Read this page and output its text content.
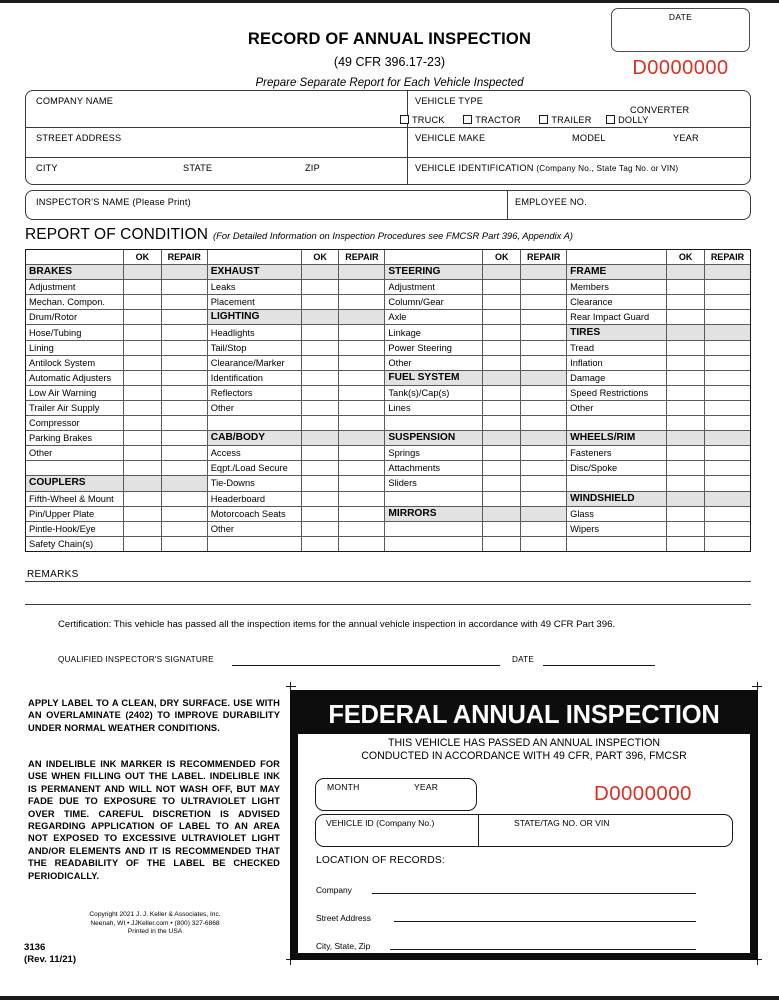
RECORD OF ANNUAL INSPECTION
(49 CFR 396.17-23)
Prepare Separate Report for Each Vehicle Inspected
DATE
D0000000
COMPANY NAME
STREET ADDRESS
CITY	STATE	ZIP
VEHICLE TYPE
TRUCK	TRACTOR	TRAILER	DOLLY
CONVERTER
VEHICLE MAKE	MODEL	YEAR
VEHICLE IDENTIFICATION (Company No., State Tag No. or VIN)
INSPECTOR'S NAME (Please Print)	EMPLOYEE NO.
REPORT OF CONDITION (For Detailed Information on Inspection Procedures see FMCSR Part 396, Appendix A)
	OK	REPAIR		OK	REPAIR		OK	REPAIR		OK	REPAIR
BRAKES			EXHAUST			STEERING			FRAME		
Adjustment			Leaks			Adjustment			Members		
Mechan. Compon.			Placement			Column/Gear			Clearance		
Drum/Rotor			LIGHTING			Axle			Rear Impact Guard		
Hose/Tubing			Headlights			Linkage			TIRES		
Lining			Tail/Stop			Power Steering			Tread		
Antilock System			Clearance/Marker			Other			Inflation		
Automatic Adjusters			Identification			FUEL SYSTEM			Damage		
Low Air Warning			Reflectors			Tank(s)/Cap(s)			Speed Restrictions		
Trailer Air Supply			Other			Lines			Other		
Compressor											
Parking Brakes			CAB/BODY			SUSPENSION			WHEELS/RIM		
Other			Access			Springs			Fasteners		
			Eqpt./Load Secure			Attachments			Disc/Spoke		
COUPLERS			Tie-Downs			Sliders					
Fifth-Wheel & Mount			Headerboard						WINDSHIELD		
Pin/Upper Plate			Motorcoach Seats			MIRRORS			Glass		
Pintle-Hook/Eye			Other						Wipers		
Safety Chain(s)											
REMARKS
Certification: This vehicle has passed all the inspection items for the annual vehicle inspection in accordance with 49 CFR Part 396.
QUALIFIED INSPECTOR'S SIGNATURE	DATE
APPLY LABEL TO A CLEAN, DRY SURFACE. USE WITH AN OVERLAMINATE (2402) TO IMPROVE DURABILITY UNDER NORMAL WEATHER CONDITIONS.
AN INDELIBLE INK MARKER IS RECOMMENDED FOR USE WHEN FILLING OUT THE LABEL. INDELIBLE INK IS PERMANENT AND WILL NOT WASH OFF, BUT MAY FADE DUE TO EXPOSURE TO ULTRAVIOLET LIGHT OVER TIME. CAREFUL DISCRETION IS ADVISED REGARDING APPLICATION OF LABEL TO AN AREA NOT EXPOSED TO EXCESSIVE ULTRAVIOLET LIGHT AND/OR ELEMENTS AND IT IS RECOMMENDED THAT THE READABILITY OF THE LABEL BE CHECKED PERIODICALLY.
Copyright 2021 J. J. Keller & Associates, Inc.
Neenah, WI • JJKeller.com • (800) 327-6868
Printed in the USA
3136
(Rev. 11/21)
FEDERAL ANNUAL INSPECTION
THIS VEHICLE HAS PASSED AN ANNUAL INSPECTION
CONDUCTED IN ACCORDANCE WITH 49 CFR, PART 396, FMCSR
MONTH	YEAR	D0000000
VEHICLE ID (Company No.)	STATE/TAG NO. OR VIN
LOCATION OF RECORDS:
Company
Street Address
City, State, Zip
